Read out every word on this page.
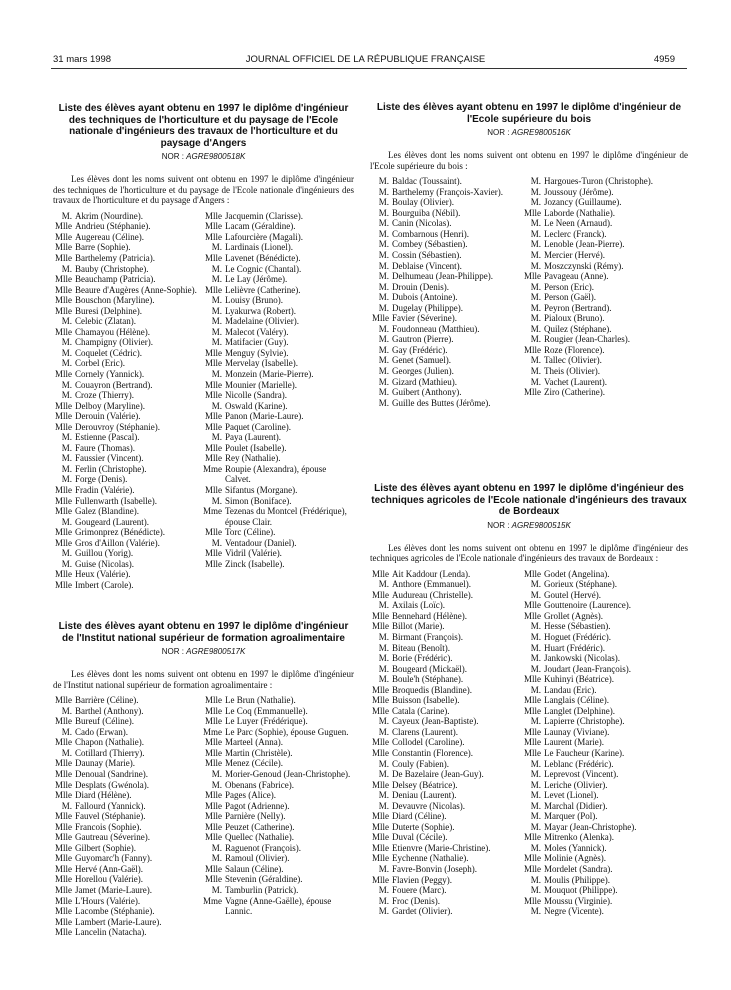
31 mars 1998	JOURNAL OFFICIEL DE LA RÉPUBLIQUE FRANÇAISE	4959

Liste des élèves ayant obtenu en 1997 le diplôme d'ingénieur des techniques de l'horticulture et du paysage de l'Ecole nationale d'ingénieurs des travaux de l'horticulture et du paysage d'Angers

NOR : AGRE9800518K

Les élèves dont les noms suivent ont obtenu en 1997 le diplôme d'ingénieur des techniques de l'horticulture et du paysage de l'Ecole nationale d'ingénieurs des travaux de l'horticulture et du paysage d'Angers :

M. Akrim (Nourdine).
Mlle Andrieu (Stéphanie).
Mlle Augereau (Céline).
Mlle Barre (Sophie).
Mlle Barthelemy (Patricia).
M. Bauby (Christophe).
Mlle Beauchamp (Patricia).
Mlle Beaure d'Augères (Anne-Sophie).
Mlle Bouschon (Maryline).
Mlle Buresi (Delphine).
M. Celebic (Zlatan).
Mlle Chamayou (Hélène).
M. Champigny (Olivier).
M. Coquelet (Cédric).
M. Corbel (Eric).
Mlle Cornely (Yannick).
M. Couayron (Bertrand).
M. Croze (Thierry).
Mlle Delboy (Maryline).
Mlle Derouin (Valérie).
Mlle Derouvroy (Stéphanie).
M. Estienne (Pascal).
M. Faure (Thomas).
M. Faussier (Vincent).
M. Ferlin (Christophe).
M. Forge (Denis).
Mlle Fradin (Valérie).
Mlle Fullenwarth (Isabelle).
Mlle Galez (Blandine).
M. Gougeard (Laurent).
Mlle Grimonprez (Bénédicte).
Mlle Gros d'Aillon (Valérie).
M. Guillou (Yorig).
M. Guise (Nicolas).
Mlle Heux (Valérie).
Mlle Imbert (Carole).
Mlle Jacquemin (Clarisse).
Mlle Lacam (Géraldine).
Mlle Lafourcière (Magali).
M. Lardinais (Lionel).
Mlle Lavenet (Bénédicte).
M. Le Cognic (Chantal).
M. Le Lay (Jérôme).
Mlle Lelièvre (Catherine).
M. Louisy (Bruno).
M. Lyakurwa (Robert).
M. Madelaine (Olivier).
M. Malecot (Valéry).
M. Matifacier (Guy).
Mlle Menguy (Sylvie).
Mlle Mervelay (Isabelle).
M. Monzein (Marie-Pierre).
Mlle Mounier (Marielle).
Mlle Nicolle (Sandra).
M. Oswald (Karine).
Mlle Panon (Marie-Laure).
Mlle Paquet (Caroline).
M. Paya (Laurent).
Mlle Poulet (Isabelle).
Mlle Rey (Nathalie).
Mme Roupie (Alexandra), épouse Calvet.
Mlle Sifantus (Morgane).
M. Simon (Boniface).
Mme Tezenas du Montcel (Frédérique), épouse Clair.
Mlle Torc (Céline).
M. Ventadour (Daniel).
Mlle Vidril (Valérie).
Mlle Zinck (Isabelle).

Liste des élèves ayant obtenu en 1997 le diplôme d'ingénieur de l'Institut national supérieur de formation agroalimentaire

NOR : AGRE9800517K

Les élèves dont les noms suivent ont obtenu en 1997 le diplôme d'ingénieur de l'Institut national supérieur de formation agroalimentaire :

Mlle Barrière (Céline).
M. Barthel (Anthony).
Mlle Bureuf (Céline).
M. Cado (Erwan).
Mlle Chapon (Nathalie).
M. Cotillard (Thierry).
Mlle Daunay (Marie).
Mlle Denoual (Sandrine).
Mlle Desplats (Gwénola).
Mlle Diard (Hélène).
M. Fallourd (Yannick).
Mlle Fauvel (Stéphanie).
Mlle Francois (Sophie).
Mlle Gautreau (Séverine).
Mlle Gilbert (Sophie).
Mlle Guyomarc'h (Fanny).
Mlle Hervé (Ann-Gaël).
Mlle Horellou (Valérie).
Mlle Jamet (Marie-Laure).
Mlle L'Hours (Valérie).
Mlle Lacombe (Stéphanie).
Mlle Lambert (Marie-Laure).
Mlle Lancelin (Natacha).
Mlle Le Brun (Nathalie).
Mlle Le Coq (Emmanuelle).
Mlle Le Luyer (Frédérique).
Mme Le Parc (Sophie), épouse Guguen.
Mlle Marteel (Anna).
Mlle Martin (Christèle).
Mlle Menez (Cécile).
M. Morier-Genoud (Jean-Christophe).
M. Obenans (Fabrice).
Mlle Pages (Alice).
Mlle Pagot (Adrienne).
Mlle Parnière (Nelly).
Mlle Peuzet (Catherine).
Mlle Quellec (Nathalie).
M. Raguenot (François).
M. Ramoul (Olivier).
Mlle Salaun (Céline).
Mlle Stevenin (Géraldine).
M. Tamburlin (Patrick).
Mme Vagne (Anne-Gaëlle), épouse Lannic.

Liste des élèves ayant obtenu en 1997 le diplôme d'ingénieur de l'Ecole supérieure du bois

NOR : AGRE9800516K

Les élèves dont les noms suivent ont obtenu en 1997 le diplôme d'ingénieur de l'Ecole supérieure du bois :

M. Baldac (Toussaint).
M. Barthelemy (François-Xavier).
M. Boulay (Olivier).
M. Bourguiba (Nébil).
M. Canin (Nicolas).
M. Combarnous (Henri).
M. Combey (Sébastien).
M. Cossin (Sébastien).
M. Deblaise (Vincent).
M. Delhumeau (Jean-Philippe).
M. Drouin (Denis).
M. Dubois (Antoine).
M. Dugelay (Philippe).
Mlle Favier (Séverine).
M. Foudonneau (Matthieu).
M. Gautron (Pierre).
M. Gay (Frédéric).
M. Genet (Samuel).
M. Georges (Julien).
M. Gizard (Mathieu).
M. Guibert (Anthony).
M. Guille des Buttes (Jérôme).
M. Hargoues-Turon (Christophe).
M. Joussouy (Jérôme).
M. Jozancy (Guillaume).
Mlle Laborde (Nathalie).
M. Le Neen (Arnaud).
M. Leclerc (Franck).
M. Lenoble (Jean-Pierre).
M. Mercier (Hervé).
M. Moszczynski (Rémy).
Mlle Pavageau (Anne).
M. Person (Eric).
M. Person (Gaël).
M. Peyron (Bertrand).
M. Pialoux (Bruno).
M. Quilez (Stéphane).
M. Rougier (Jean-Charles).
Mlle Roze (Florence).
M. Tallec (Olivier).
M. Theis (Olivier).
M. Vachet (Laurent).
Mlle Ziro (Catherine).

Liste des élèves ayant obtenu en 1997 le diplôme d'ingénieur des techniques agricoles de l'Ecole nationale d'ingénieurs des travaux de Bordeaux

NOR : AGRE9800515K

Les élèves dont les noms suivent ont obtenu en 1997 le diplôme d'ingénieur des techniques agricoles de l'Ecole nationale d'ingénieurs des travaux de Bordeaux :

Mlle Ait Kaddour (Lenda).
M. Anthore (Emmanuel).
Mlle Audureau (Christelle).
M. Axilais (Loïc).
Mlle Bennehard (Hélène).
Mlle Billot (Marie).
M. Birmant (François).
M. Biteau (Benoît).
M. Borie (Frédéric).
M. Bougeard (Mickaël).
M. Boule'h (Stéphane).
Mlle Broquedis (Blandine).
Mlle Buisson (Isabelle).
Mlle Catala (Carine).
M. Cayeux (Jean-Baptiste).
M. Clarens (Laurent).
Mlle Collodel (Caroline).
Mlle Constantin (Florence).
M. Couly (Fabien).
M. De Bazelaire (Jean-Guy).
Mlle Delsey (Béatrice).
M. Deniau (Laurent).
M. Devauvre (Nicolas).
Mlle Diard (Céline).
Mlle Duterte (Sophie).
Mlle Duval (Cécile).
Mlle Etienvre (Marie-Christine).
Mlle Eychenne (Nathalie).
M. Favre-Bonvin (Joseph).
Mlle Flavien (Peggy).
M. Fouere (Marc).
M. Froc (Denis).
M. Gardet (Olivier).
Mlle Godet (Angelina).
M. Gorieux (Stéphane).
M. Goutel (Hervé).
Mlle Gouttenoire (Laurence).
Mlle Grollet (Agnès).
M. Hesse (Sébastien).
M. Hoguet (Frédéric).
M. Huart (Frédéric).
M. Jankowski (Nicolas).
M. Joudart (Jean-François).
Mlle Kuhinyi (Béatrice).
M. Landau (Eric).
Mlle Langlais (Céline).
Mlle Langlet (Delphine).
M. Lapierre (Christophe).
Mlle Launay (Viviane).
Mlle Laurent (Marie).
Mlle Le Faucheur (Karine).
M. Leblanc (Frédéric).
M. Leprevost (Vincent).
M. Leriche (Olivier).
M. Levet (Lionel).
M. Marchal (Didier).
M. Marquer (Pol).
M. Mayar (Jean-Christophe).
Mlle Mitrenko (Alenka).
M. Moles (Yannick).
Mlle Molinie (Agnès).
Mlle Mordelet (Sandra).
M. Moulis (Philippe).
M. Mouquot (Philippe).
Mlle Moussu (Virginie).
M. Negre (Vicente).
